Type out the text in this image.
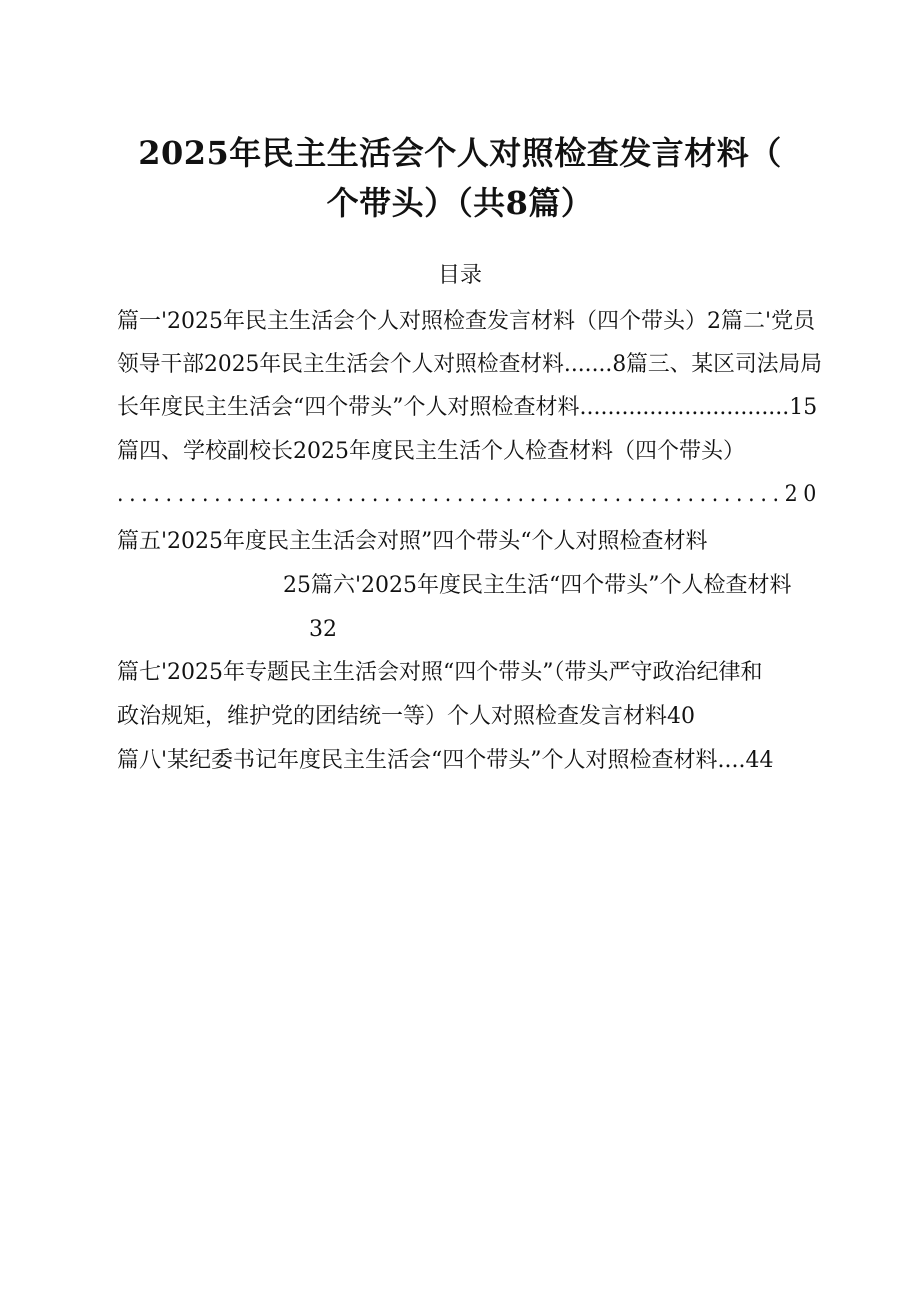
2025年民主生活会个人对照检查发言材料（
个带头）（共8篇）
目录
篇一'2025年民主生活会个人对照检查发言材料（四个带头）2篇二'党员
领导干部2025年民主生活会个人对照检查材料.......8篇三、某区司法局局
长年度民主生活会“四个带头”个人对照检查材料..............................15
篇四、学校副校长2025年度民主生活个人检查材料（四个带头）
.......................................................20
篇五'2025年度民主生活会对照”四个带头“个人对照检查材料
25篇六'2025年度民主生活“四个带头”个人检查材料
32
篇七'2025年专题民主生活会对照“四个带头”（带头严守政治纪律和
政治规矩，维护党的团结统一等）个人对照检查发言材料40
篇八'某纪委书记年度民主生活会“四个带头”个人对照检查材料....44
